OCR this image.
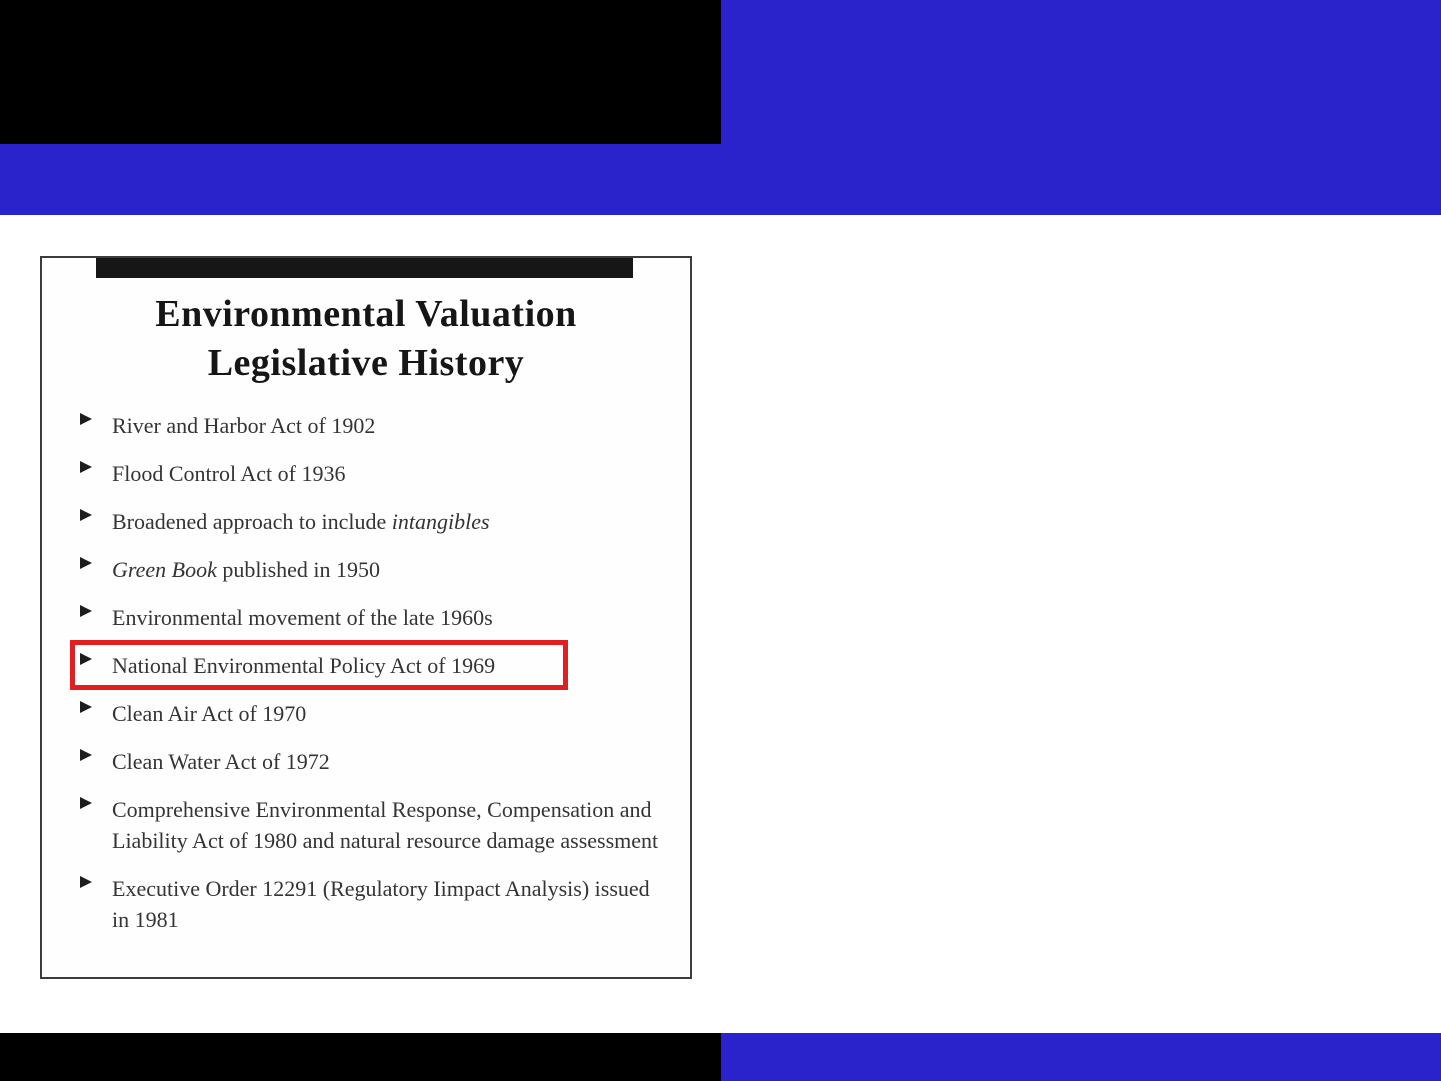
Environmental Valuation
Legislative History
River and Harbor Act of 1902
Flood Control Act of 1936
Broadened approach to include intangibles
Green Book published in 1950
Environmental movement of the late 1960s
National Environmental Policy Act of 1969
Clean Air Act of 1970
Clean Water Act of 1972
Comprehensive Environmental Response, Compensation and Liability Act of 1980 and natural resource damage assessment
Executive Order 12291 (Regulatory Iimpact Analysis) issued in 1981
